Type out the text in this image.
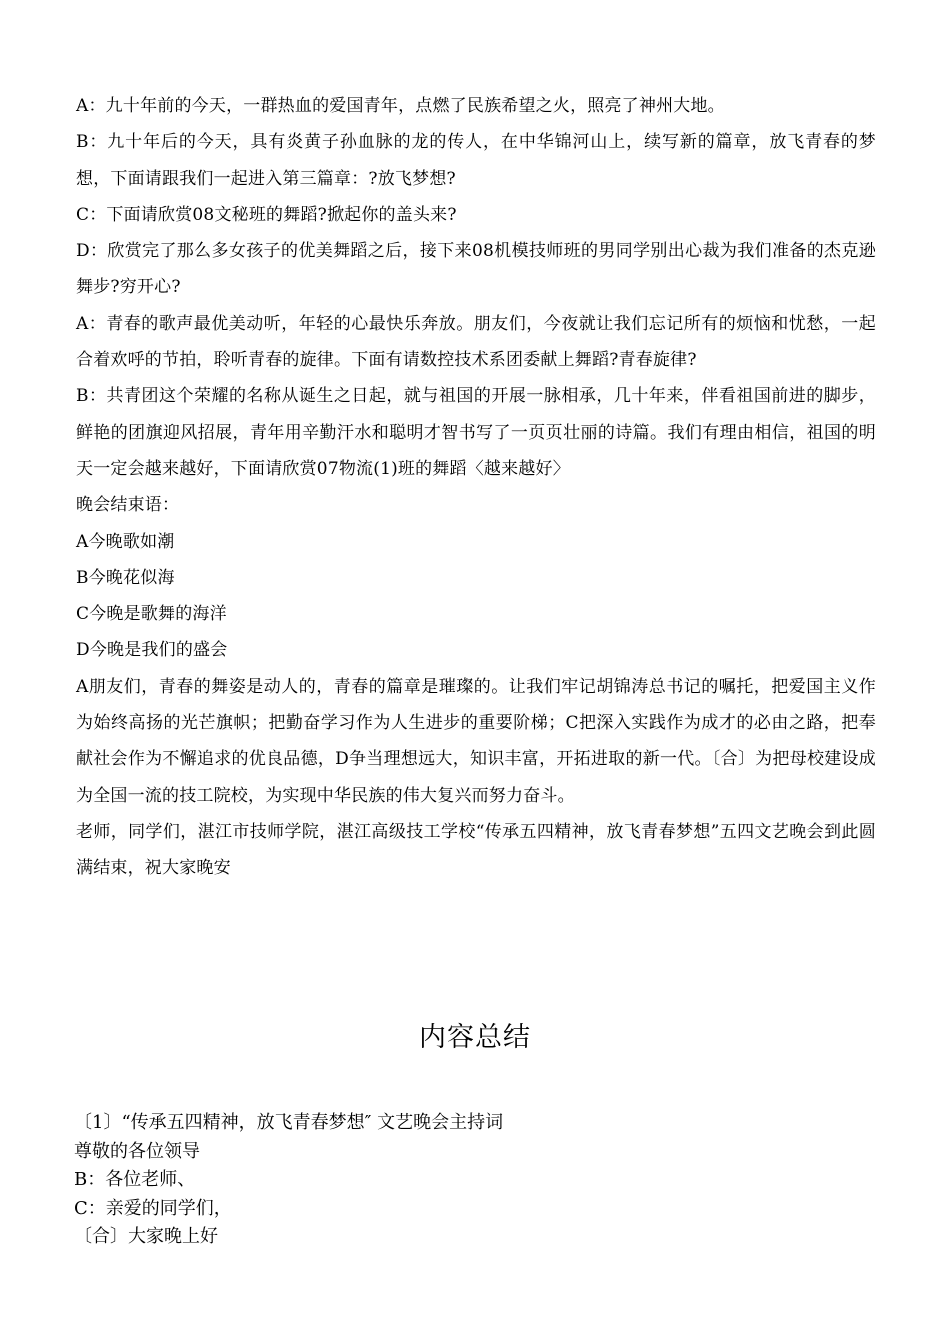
A：九十年前的今天，一群热血的爱国青年，点燃了民族希望之火，照亮了神州大地。

B：九十年后的今天，具有炎黄子孙血脉的龙的传人，在中华锦河山上，续写新的篇章，放飞青春的梦想，下面请跟我们一起进入第三篇章：?放飞梦想?

C：下面请欣赏08文秘班的舞蹈?掀起你的盖头来?

D：欣赏完了那么多女孩子的优美舞蹈之后，接下来08机模技师班的男同学别出心裁为我们准备的杰克逊舞步?穷开心?

A：青春的歌声最优美动听，年轻的心最快乐奔放。朋友们，今夜就让我们忘记所有的烦恼和忧愁，一起合着欢呼的节拍，聆听青春的旋律。下面有请数控技术系团委献上舞蹈?青春旋律?

B：共青团这个荣耀的名称从诞生之日起，就与祖国的开展一脉相承，几十年来，伴看祖国前进的脚步，鲜艳的团旗迎风招展，青年用辛勤汗水和聪明才智书写了一页页壮丽的诗篇。我们有理由相信，祖国的明天一定会越来越好，下面请欣赏07物流(1)班的舞蹈〈越来越好〉

晚会结束语：

A今晚歌如潮

B今晚花似海

C今晚是歌舞的海洋

D今晚是我们的盛会

A朋友们，青春的舞姿是动人的，青春的篇章是璀璨的。让我们牢记胡锦涛总书记的嘱托，把爱国主义作为始终高扬的光芒旗帜；把勤奋学习作为人生进步的重要阶梯；C把深入实践作为成才的必由之路，把奉献社会作为不懈追求的优良品德，D争当理想远大，知识丰富，开拓进取的新一代。〔合〕为把母校建设成为全国一流的技工院校，为实现中华民族的伟大复兴而努力奋斗。

老师，同学们，湛江市技师学院，湛江高级技工学校“传承五四精神，放飞青春梦想”五四文艺晚会到此圆满结束，祝大家晚安

内容总结

〔1〕“传承五四精神，放飞青春梦想″ 文艺晚会主持词

尊敬的各位领导

B：各位老师、

C：亲爱的同学们，

〔合〕大家晚上好
